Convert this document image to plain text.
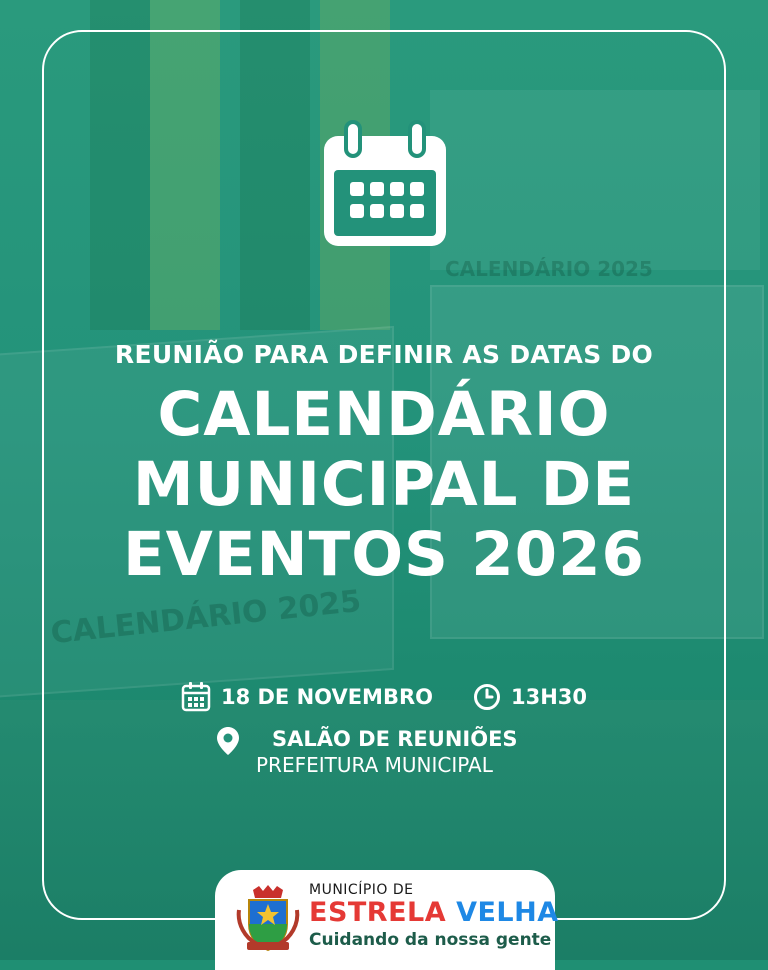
CALENDÁRIO 2025
CALENDÁRIO 2025
REUNIÃO PARA DEFINIR AS DATAS DO
CALENDÁRIO
MUNICIPAL DE
EVENTOS 2026
18 DE NOVEMBRO	13H30
SALÃO DE REUNIÕES
PREFEITURA MUNICIPAL
MUNICÍPIO DE
ESTRELA VELHA
Cuidando da nossa gente
